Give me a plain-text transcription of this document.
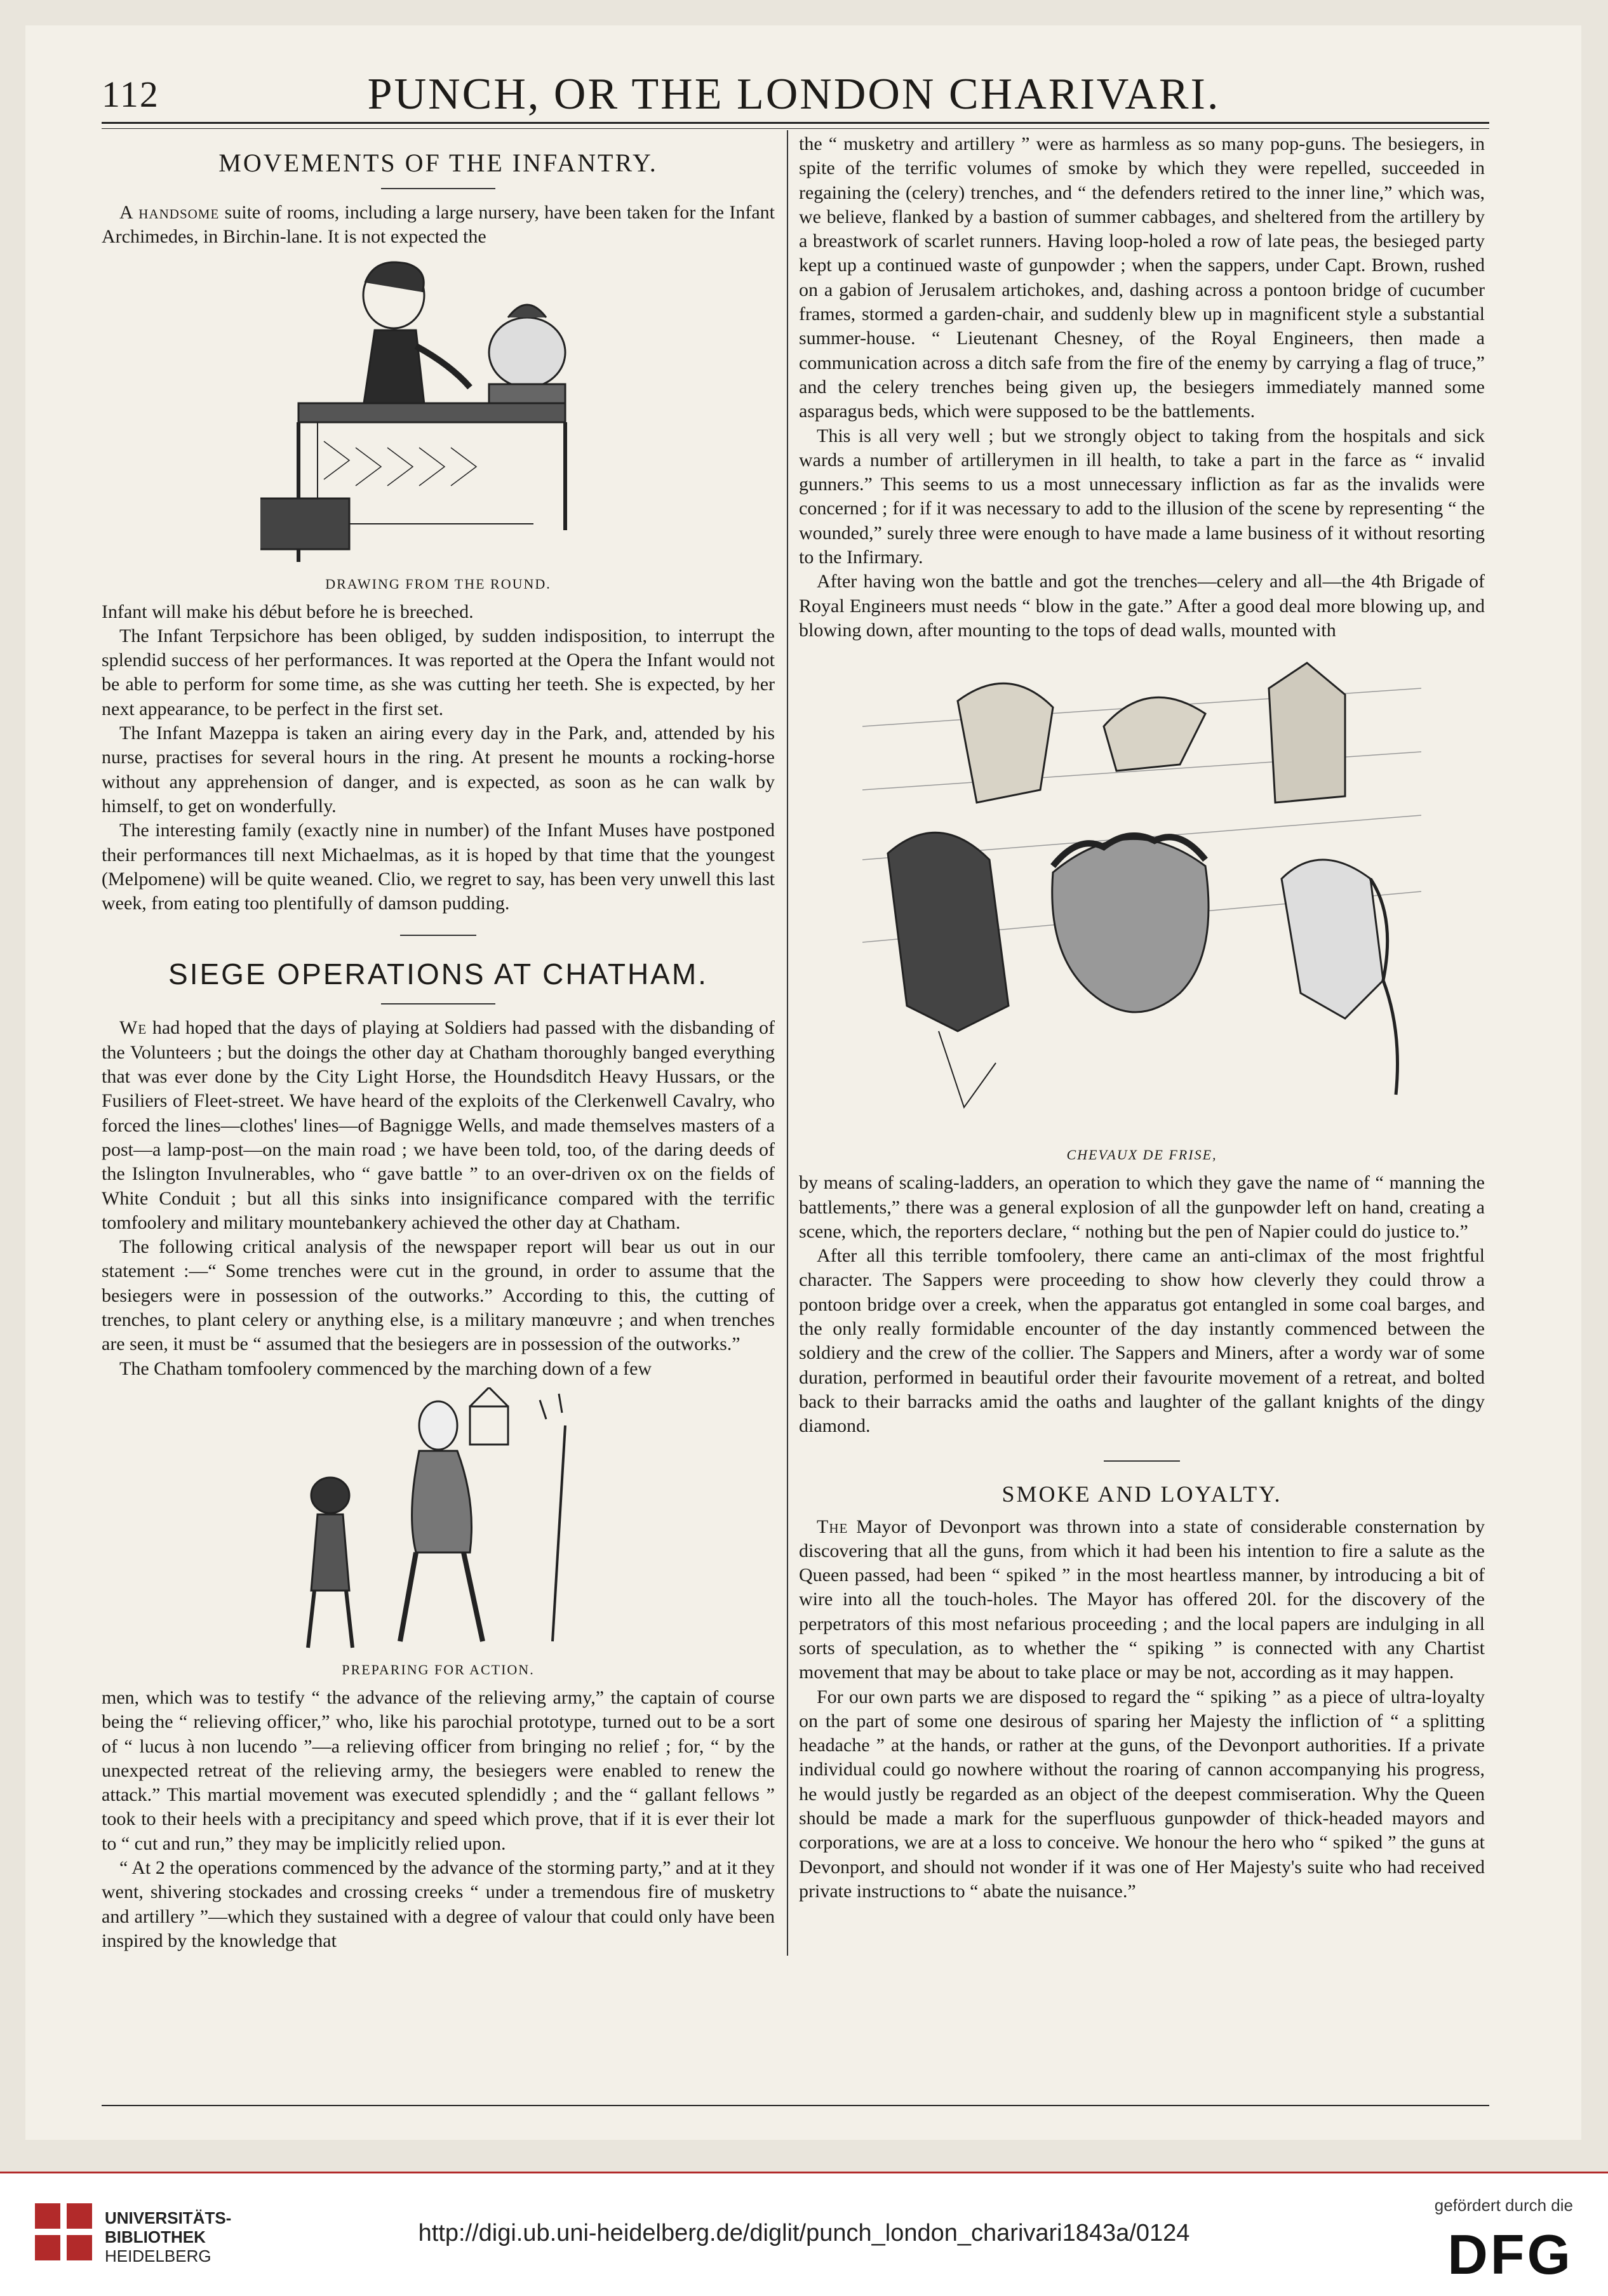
112	PUNCH, OR THE LONDON CHARIVARI.
MOVEMENTS OF THE INFANTRY.

A handsome suite of rooms, including a large nursery, have been taken for the Infant Archimedes, in Birchin-lane. It is not expected the

DRAWING FROM THE ROUND.

Infant will make his début before he is breeched.

The Infant Terpsichore has been obliged, by sudden indisposition, to interrupt the splendid success of her performances. It was reported at the Opera the Infant would not be able to perform for some time, as she was cutting her teeth. She is expected, by her next appearance, to be perfect in the first set.

The Infant Mazeppa is taken an airing every day in the Park, and, attended by his nurse, practises for several hours in the ring. At present he mounts a rocking-horse without any apprehension of danger, and is expected, as soon as he can walk by himself, to get on wonderfully.

The interesting family (exactly nine in number) of the Infant Muses have postponed their performances till next Michaelmas, as it is hoped by that time that the youngest (Melpomene) will be quite weaned. Clio, we regret to say, has been very unwell this last week, from eating too plentifully of damson pudding.

SIEGE OPERATIONS AT CHATHAM.

We had hoped that the days of playing at Soldiers had passed with the disbanding of the Volunteers ; but the doings the other day at Chatham thoroughly banged everything that was ever done by the City Light Horse, the Houndsditch Heavy Hussars, or the Fusiliers of Fleet-street. We have heard of the exploits of the Clerkenwell Cavalry, who forced the lines—clothes' lines—of Bagnigge Wells, and made themselves masters of a post—a lamp-post—on the main road ; we have been told, too, of the daring deeds of the Islington Invulnerables, who “ gave battle ” to an over-driven ox on the fields of White Conduit ; but all this sinks into insignificance compared with the terrific tomfoolery and military mountebankery achieved the other day at Chatham.

The following critical analysis of the newspaper report will bear us out in our statement :—“ Some trenches were cut in the ground, in order to assume that the besiegers were in possession of the outworks.” According to this, the cutting of trenches, to plant celery or anything else, is a military manœuvre ; and when trenches are seen, it must be “ assumed that the besiegers are in possession of the outworks.”

The Chatham tomfoolery commenced by the marching down of a few

PREPARING FOR ACTION.

men, which was to testify “ the advance of the relieving army,” the captain of course being the “ relieving officer,” who, like his parochial prototype, turned out to be a sort of “ lucus à non lucendo ”—a relieving officer from bringing no relief ; for, “ by the unexpected retreat of the relieving army, the besiegers were enabled to renew the attack.” This martial movement was executed splendidly ; and the “ gallant fellows ” took to their heels with a precipitancy and speed which prove, that if it is ever their lot to “ cut and run,” they may be implicitly relied upon.

“ At 2 the operations commenced by the advance of the storming party,” and at it they went, shivering stockades and crossing creeks “ under a tremendous fire of musketry and artillery ”—which they sustained with a degree of valour that could only have been inspired by the knowledge that

the “ musketry and artillery ” were as harmless as so many pop-guns. The besiegers, in spite of the terrific volumes of smoke by which they were repelled, succeeded in regaining the (celery) trenches, and “ the defenders retired to the inner line,” which was, we believe, flanked by a bastion of summer cabbages, and sheltered from the artillery by a breastwork of scarlet runners. Having loop-holed a row of late peas, the besieged party kept up a continued waste of gunpowder ; when the sappers, under Capt. Brown, rushed on a gabion of Jerusalem artichokes, and, dashing across a pontoon bridge of cucumber frames, stormed a garden-chair, and suddenly blew up in magnificent style a substantial summer-house. “ Lieutenant Chesney, of the Royal Engineers, then made a communication across a ditch safe from the fire of the enemy by carrying a flag of truce,” and the celery trenches being given up, the besiegers immediately manned some asparagus beds, which were supposed to be the battlements.

This is all very well ; but we strongly object to taking from the hospitals and sick wards a number of artillerymen in ill health, to take a part in the farce as “ invalid gunners.” This seems to us a most unnecessary infliction as far as the invalids were concerned ; for if it was necessary to add to the illusion of the scene by representing “ the wounded,” surely three were enough to have made a lame business of it without resorting to the Infirmary.

After having won the battle and got the trenches—celery and all—the 4th Brigade of Royal Engineers must needs “ blow in the gate.” After a good deal more blowing up, and blowing down, after mounting to the tops of dead walls, mounted with

CHEVAUX DE FRISE,

by means of scaling-ladders, an operation to which they gave the name of “ manning the battlements,” there was a general explosion of all the gunpowder left on hand, creating a scene, which, the reporters declare, “ nothing but the pen of Napier could do justice to.”

After all this terrible tomfoolery, there came an anti-climax of the most frightful character. The Sappers were proceeding to show how cleverly they could throw a pontoon bridge over a creek, when the apparatus got entangled in some coal barges, and the only really formidable encounter of the day instantly commenced between the soldiery and the crew of the collier. The Sappers and Miners, after a wordy war of some duration, performed in beautiful order their favourite movement of a retreat, and bolted back to their barracks amid the oaths and laughter of the gallant knights of the dingy diamond.

SMOKE AND LOYALTY.

The Mayor of Devonport was thrown into a state of considerable consternation by discovering that all the guns, from which it had been his intention to fire a salute as the Queen passed, had been “ spiked ” in the most heartless manner, by introducing a bit of wire into all the touch-holes. The Mayor has offered 20l. for the discovery of the perpetrators of this most nefarious proceeding ; and the local papers are indulging in all sorts of speculation, as to whether the “ spiking ” is connected with any Chartist movement that may be about to take place or may be not, according as it may happen.

For our own parts we are disposed to regard the “ spiking ” as a piece of ultra-loyalty on the part of some one desirous of sparing her Majesty the infliction of “ a splitting headache ” at the hands, or rather at the guns, of the Devonport authorities. If a private individual could go nowhere without the roaring of cannon accompanying his progress, he would justly be regarded as an object of the deepest commiseration. Why the Queen should be made a mark for the superfluous gunpowder of thick-headed mayors and corporations, we are at a loss to conceive. We honour the hero who “ spiked ” the guns at Devonport, and should not wonder if it was one of Her Majesty's suite who had received private instructions to “ abate the nuisance.”

UNIVERSITÄTS-
BIBLIOTHEK
HEIDELBERG
http://digi.ub.uni-heidelberg.de/diglit/punch_london_charivari1843a/0124
gefördert durch die
DFG
